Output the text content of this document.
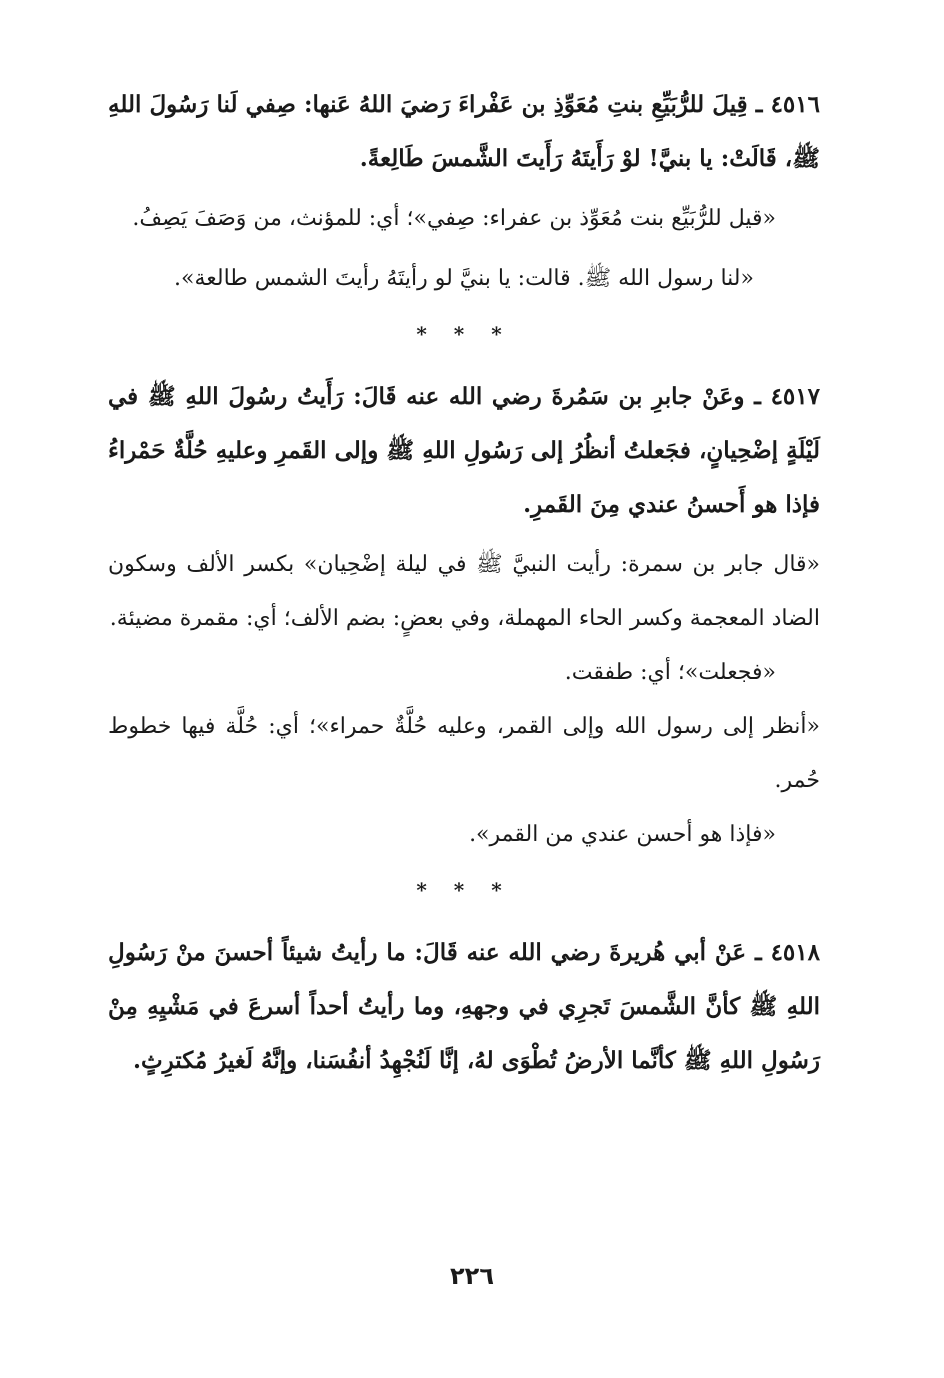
٤٥١٦ ـ قِيلَ للرُّبَيِّعِ بنتِ مُعَوِّذِ بن عَفْراءَ رَضيَ اللهُ عَنها: صِفي لَنا رَسُولَ اللهِ ﷺ، قَالَتْ: يا بنيَّ! لوْ رَأَيتَهُ رَأَيتَ الشَّمسَ طَالِعةً.

«قيل للرُّبَيِّع بنت مُعَوِّذ بن عفراء: صِفي»؛ أي: للمؤنث، من وَصَفَ يَصِفُ.

«لنا رسول الله ﷺ. قالت: يا بنيَّ لو رأيتَهُ رأيتَ الشمس طالعة».

* * *

٤٥١٧ ـ وعَنْ جابرِ بن سَمُرةَ رضي الله عنه قَالَ: رَأَيتُ رسُولَ اللهِ ﷺ في لَيْلَةٍ إضْحِيانٍ، فجَعلتُ أنظُرُ إلى رَسُولِ اللهِ ﷺ وإلى القَمرِ وعليهِ حُلَّةٌ حَمْراءُ فإذا هو أَحسنُ عندي مِنَ القَمرِ.

«قال جابر بن سمرة: رأيت النبيَّ ﷺ في ليلة إضْحِيان» بكسر الألف وسكون الضاد المعجمة وكسر الحاء المهملة، وفي بعضٍ: بضم الألف؛ أي: مقمرة مضيئة.

«فجعلت»؛ أي: طفقت.

«أنظر إلى رسول الله وإلى القمر، وعليه حُلَّةٌ حمراء»؛ أي: حُلَّة فيها خطوط حُمر.

«فإذا هو أحسن عندي من القمر».

* * *

٤٥١٨ ـ عَنْ أبي هُريرةَ رضي الله عنه قَالَ: ما رأيتُ شيئاً أحسنَ منْ رَسُولِ اللهِ ﷺ كأنَّ الشَّمسَ تَجرِي في وجههِ، وما رأيتُ أحداً أسرعَ في مَشْيِهِ مِنْ رَسُولِ اللهِ ﷺ كأنَّما الأرضُ تُطْوَى لهُ، إنَّا لَنُجْهِدُ أنفُسَنا، وإنَّهُ لَغيرُ مُكترِثٍ.

٢٢٦
